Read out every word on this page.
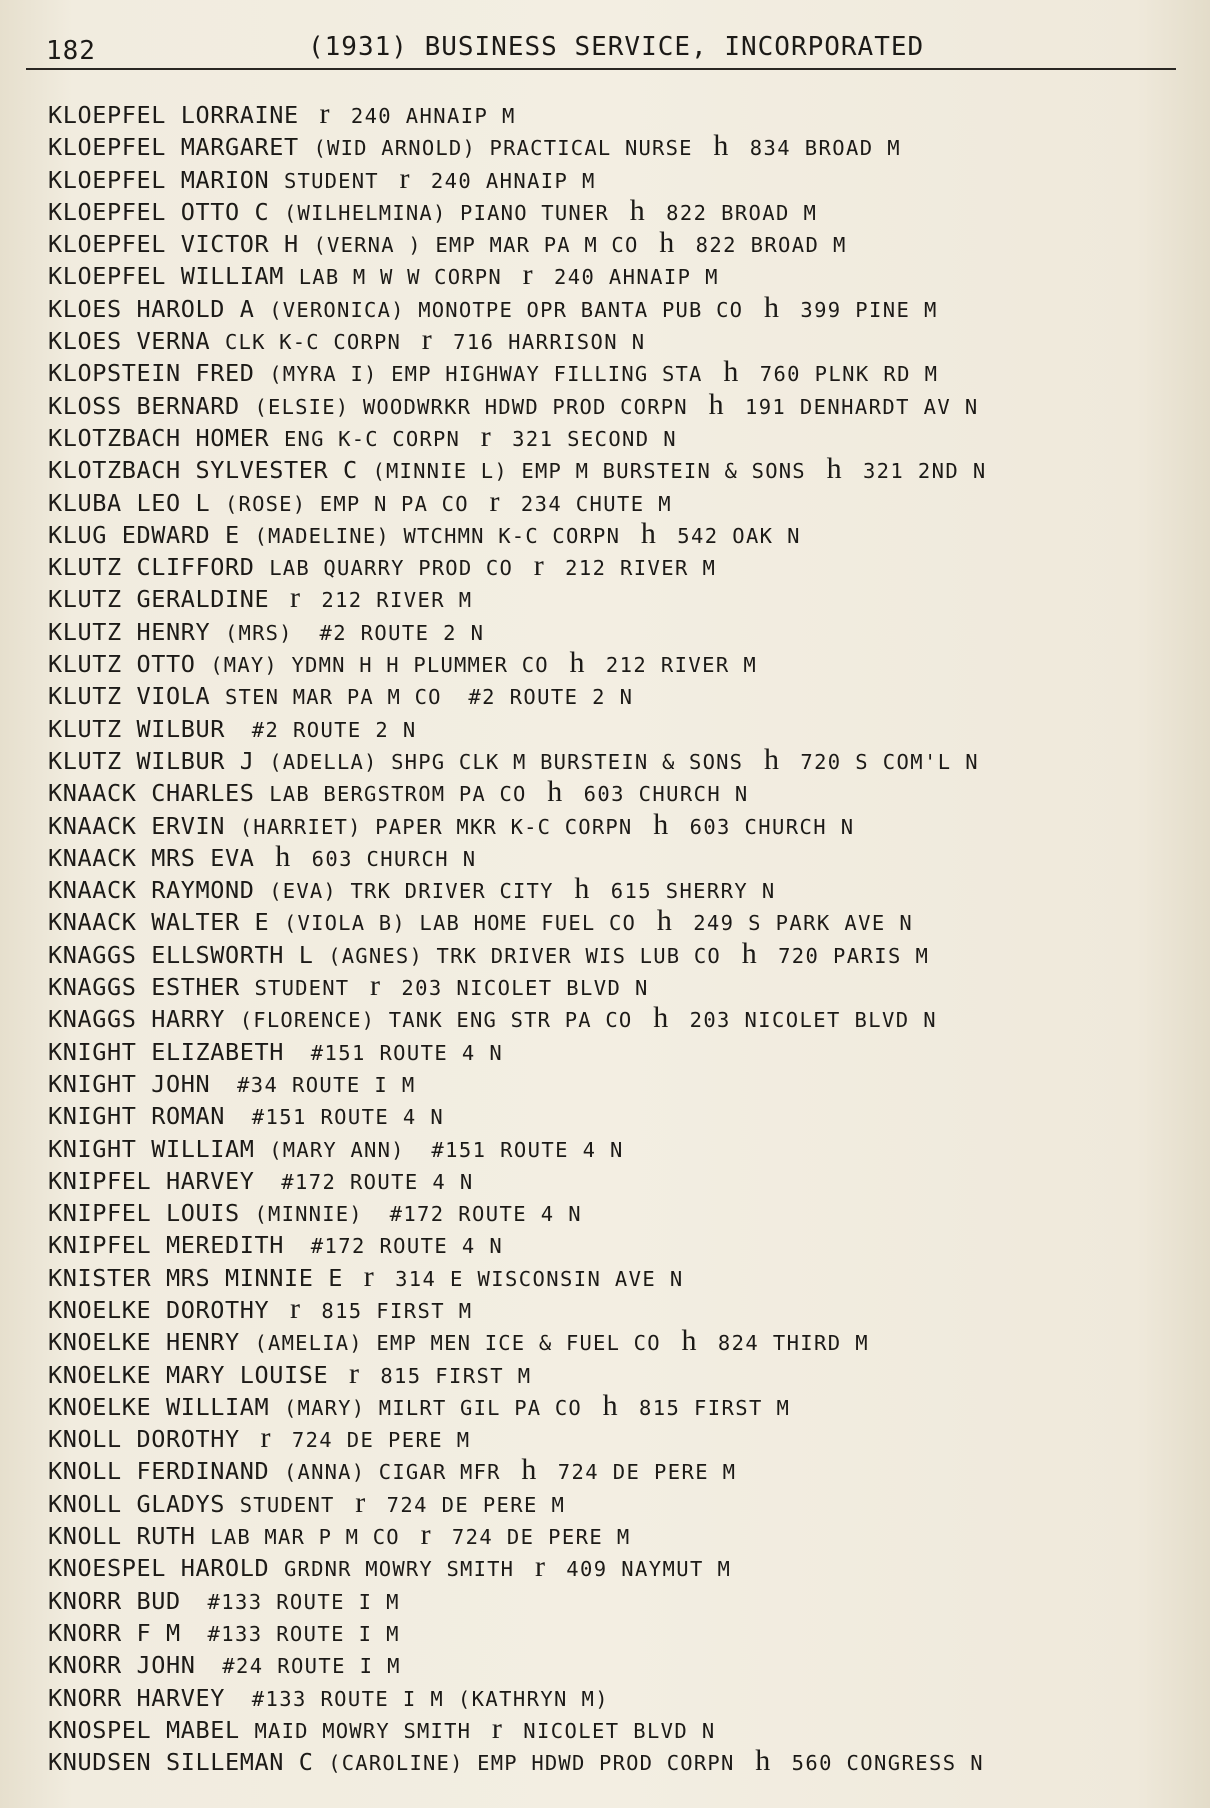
182	(1931) BUSINESS SERVICE, INCORPORATED
KLOEPFEL LORRAINE r 240 AHNAIP M
KLOEPFEL MARGARET (WID ARNOLD) PRACTICAL NURSE h 834 BROAD M
KLOEPFEL MARION STUDENT r 240 AHNAIP M
KLOEPFEL OTTO C (WILHELMINA) PIANO TUNER h 822 BROAD M
KLOEPFEL VICTOR H (VERNA ) EMP MAR PA M CO h 822 BROAD M
KLOEPFEL WILLIAM LAB M W W CORPN r 240 AHNAIP M
KLOES HAROLD A (VERONICA) MONOTPE OPR BANTA PUB CO h 399 PINE M
KLOES VERNA CLK K-C CORPN r 716 HARRISON N
KLOPSTEIN FRED (MYRA I) EMP HIGHWAY FILLING STA h 760 PLNK RD M
KLOSS BERNARD (ELSIE) WOODWRKR HDWD PROD CORPN h 191 DENHARDT AV N
KLOTZBACH HOMER ENG K-C CORPN r 321 SECOND N
KLOTZBACH SYLVESTER C (MINNIE L) EMP M BURSTEIN & SONS h 321 2ND N
KLUBA LEO L (ROSE) EMP N PA CO r 234 CHUTE M
KLUG EDWARD E (MADELINE) WTCHMN K-C CORPN h 542 OAK N
KLUTZ CLIFFORD LAB QUARRY PROD CO r 212 RIVER M
KLUTZ GERALDINE r 212 RIVER M
KLUTZ HENRY (MRS) #2 ROUTE 2 N
KLUTZ OTTO (MAY) YDMN H H PLUMMER CO h 212 RIVER M
KLUTZ VIOLA STEN MAR PA M CO #2 ROUTE 2 N
KLUTZ WILBUR #2 ROUTE 2 N
KLUTZ WILBUR J (ADELLA) SHPG CLK M BURSTEIN & SONS h 720 S COM'L N
KNAACK CHARLES LAB BERGSTROM PA CO h 603 CHURCH N
KNAACK ERVIN (HARRIET) PAPER MKR K-C CORPN h 603 CHURCH N
KNAACK MRS EVA h 603 CHURCH N
KNAACK RAYMOND (EVA) TRK DRIVER CITY h 615 SHERRY N
KNAACK WALTER E (VIOLA B) LAB HOME FUEL CO h 249 S PARK AVE N
KNAGGS ELLSWORTH L (AGNES) TRK DRIVER WIS LUB CO h 720 PARIS M
KNAGGS ESTHER STUDENT r 203 NICOLET BLVD N
KNAGGS HARRY (FLORENCE) TANK ENG STR PA CO h 203 NICOLET BLVD N
KNIGHT ELIZABETH #151 ROUTE 4 N
KNIGHT JOHN #34 ROUTE I M
KNIGHT ROMAN #151 ROUTE 4 N
KNIGHT WILLIAM (MARY ANN) #151 ROUTE 4 N
KNIPFEL HARVEY #172 ROUTE 4 N
KNIPFEL LOUIS (MINNIE) #172 ROUTE 4 N
KNIPFEL MEREDITH #172 ROUTE 4 N
KNISTER MRS MINNIE E r 314 E WISCONSIN AVE N
KNOELKE DOROTHY r 815 FIRST M
KNOELKE HENRY (AMELIA) EMP MEN ICE & FUEL CO h 824 THIRD M
KNOELKE MARY LOUISE r 815 FIRST M
KNOELKE WILLIAM (MARY) MILRT GIL PA CO h 815 FIRST M
KNOLL DOROTHY r 724 DE PERE M
KNOLL FERDINAND (ANNA) CIGAR MFR h 724 DE PERE M
KNOLL GLADYS STUDENT r 724 DE PERE M
KNOLL RUTH LAB MAR P M CO r 724 DE PERE M
KNOESPEL HAROLD GRDNR MOWRY SMITH r 409 NAYMUT M
KNORR BUD #133 ROUTE I M
KNORR F M #133 ROUTE I M
KNORR JOHN #24 ROUTE I M
KNORR HARVEY #133 ROUTE I M (KATHRYN M)
KNOSPEL MABEL MAID MOWRY SMITH r NICOLET BLVD N
KNUDSEN SILLEMAN C (CAROLINE) EMP HDWD PROD CORPN h 560 CONGRESS N
